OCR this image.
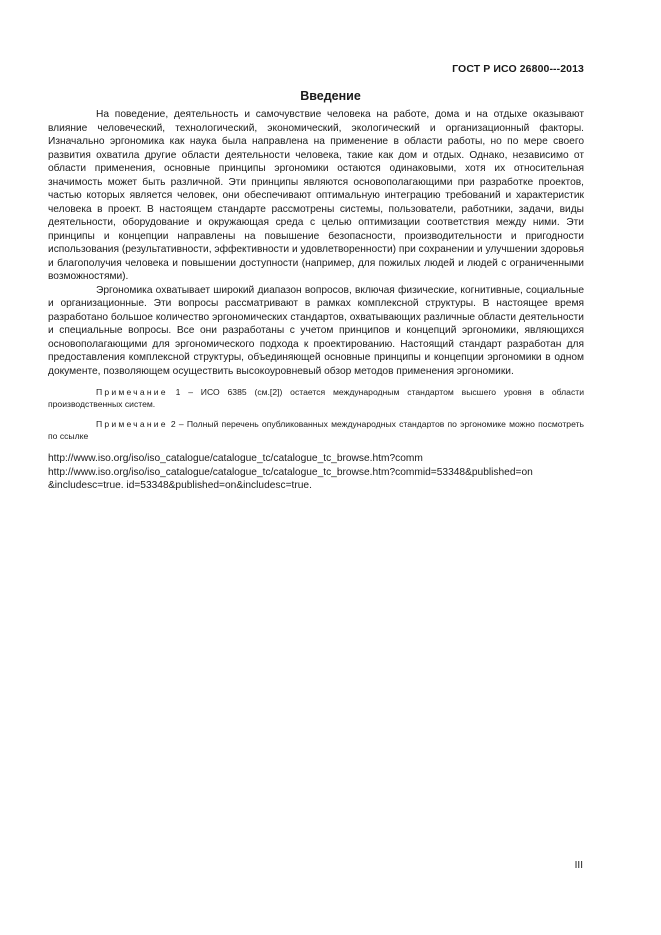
ГОСТ Р ИСО 26800---2013
Введение

На поведение, деятельность и самочувствие человека на работе, дома и на отдыхе оказывают влияние человеческий, технологический, экономический, экологический и организационный факторы. Изначально эргономика как наука была направлена на применение в области работы, но по мере своего развития охватила другие области деятельности человека, такие как дом и отдых. Однако, независимо от области применения, основные принципы эргономики остаются одинаковыми, хотя их относительная значимость может быть различной. Эти принципы являются основополагающими при разработке проектов, частью которых является человек, они обеспечивают оптимальную интеграцию требований и характеристик человека в проект. В настоящем стандарте рассмотрены системы, пользователи, работники, задачи, виды деятельности, оборудование и окружающая среда с целью оптимизации соответствия между ними. Эти принципы и концепции направлены на повышение безопасности, производительности и пригодности использования (результативности, эффективности и удовлетворенности) при сохранении и улучшении здоровья и благополучия человека и повышении доступности (например, для пожилых людей и людей с ограниченными возможностями).

Эргономика охватывает широкий диапазон вопросов, включая физические, когнитивные, социальные и организационные. Эти вопросы рассматривают в рамках комплексной структуры. В настоящее время разработано большое количество эргономических стандартов, охватывающих различные области деятельности и специальные вопросы. Все они разработаны с учетом принципов и концепций эргономики, являющихся основополагающими для эргономического подхода к проектированию. Настоящий стандарт разработан для предоставления комплексной структуры, объединяющей основные принципы и концепции эргономики в одном документе, позволяющем осуществить высокоуровневый обзор методов применения эргономики.

Примечание 1 – ИСО 6385 (см.[2]) остается международным стандартом высшего уровня в области производственных систем.

Примечание 2 – Полный перечень опубликованных международных стандартов по эргономике можно посмотреть по ссылке

http://www.iso.org/iso/iso_catalogue/catalogue_tc/catalogue_tc_browse.htm?comm
http://www.iso.org/iso/iso_catalogue/catalogue_tc/catalogue_tc_browse.htm?commid=53348&published=on
&includesc=true. id=53348&published=on&includesc=true.
III
